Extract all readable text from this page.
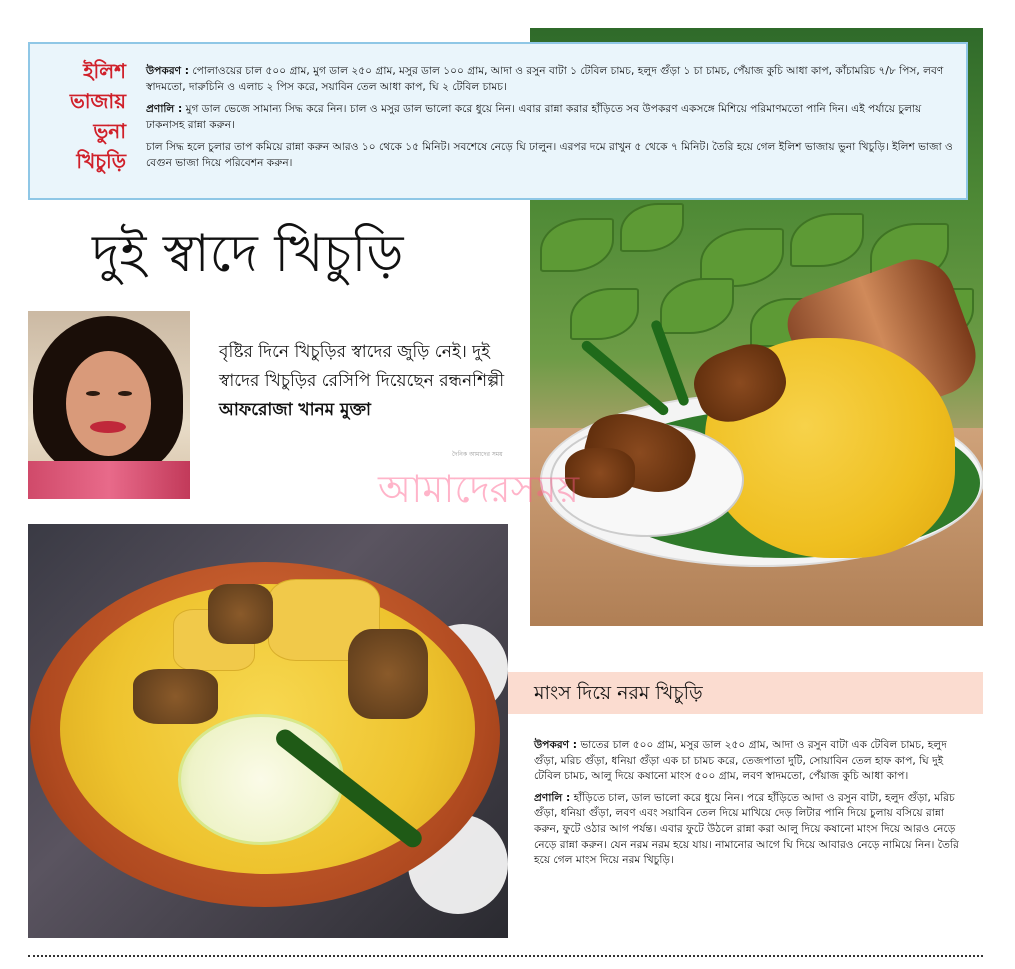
ইলিশ
ভাজায়
ভুনা
খিচুড়ি

উপকরণ : পোলাওয়ের চাল ৫০০ গ্রাম, মুগ ডাল ২৫০ গ্রাম, মসুর ডাল ১০০ গ্রাম, আদা ও রসুন বাটা ১ টেবিল চামচ, হলুদ গুঁড়া ১ চা চামচ, পেঁয়াজ কুচি আধা কাপ, কাঁচামরিচ ৭/৮ পিস, লবণ স্বাদমতো, দারুচিনি ও এলাচ ২ পিস করে, সয়াবিন তেল আধা কাপ, ঘি ২ টেবিল চামচ।

প্রণালি : মুগ ডাল ভেজে সামান্য সিদ্ধ করে নিন। চাল ও মসুর ডাল ভালো করে ধুয়ে নিন। এবার রান্না করার হাঁড়িতে সব উপকরণ একসঙ্গে মিশিয়ে পরিমাণমতো পানি দিন। এই পর্যায়ে চুলায় ঢাকনাসহ রান্না করুন।

চাল সিদ্ধ হলে চুলার তাপ কমিয়ে রান্না করুন আরও ১০ থেকে ১৫ মিনিট। সবশেষে নেড়ে ঘি ঢালুন। এরপর দমে রাখুন ৫ থেকে ৭ মিনিট। তৈরি হয়ে গেল ইলিশ ভাজায় ভুনা খিচুড়ি। ইলিশ ভাজা ও বেগুন ভাজা দিয়ে পরিবেশন করুন।

দুই স্বাদে খিচুড়ি

বৃষ্টির দিনে খিচুড়ির স্বাদের জুড়ি নেই। দুই স্বাদের খিচুড়ির রেসিপি দিয়েছেন রন্ধনশিল্পী

আফরোজা খানম মুক্তা
দৈনিক আমাদের সময়
আমাদেরসময়
মাংস দিয়ে নরম খিচুড়ি

উপকরণ : ভাতের চাল ৫০০ গ্রাম, মসুর ডাল ২৫০ গ্রাম, আদা ও রসুন বাটা এক টেবিল চামচ, হলুদ গুঁড়া, মরিচ গুঁড়া, ধনিয়া গুঁড়া এক চা চামচ করে, তেজপাতা দুটি, সোয়াবিন তেল হাফ কাপ, ঘি দুই টেবিল চামচ, আলু দিয়ে কষানো মাংস ৫০০ গ্রাম, লবণ স্বাদমতো, পেঁয়াজ কুচি আধা কাপ।

প্রণালি : হাঁড়িতে চাল, ডাল ভালো করে ধুয়ে নিন। পরে হাঁড়িতে আদা ও রসুন বাটা, হলুদ গুঁড়া, মরিচ গুঁড়া, ধনিয়া গুঁড়া, লবণ এবং সয়াবিন তেল দিয়ে মাখিয়ে দেড় লিটার পানি দিয়ে চুলায় বসিয়ে রান্না করুন, ফুটে ওঠার আগ পর্যন্ত। এবার ফুটে উঠলে রান্না করা আলু দিয়ে কষানো মাংস দিয়ে আরও নেড়ে নেড়ে রান্না করুন। যেন নরম নরম হয়ে যায়। নামানোর আগে ঘি দিয়ে আবারও নেড়ে নামিয়ে নিন। তৈরি হয়ে গেল মাংস দিয়ে নরম খিচুড়ি।
